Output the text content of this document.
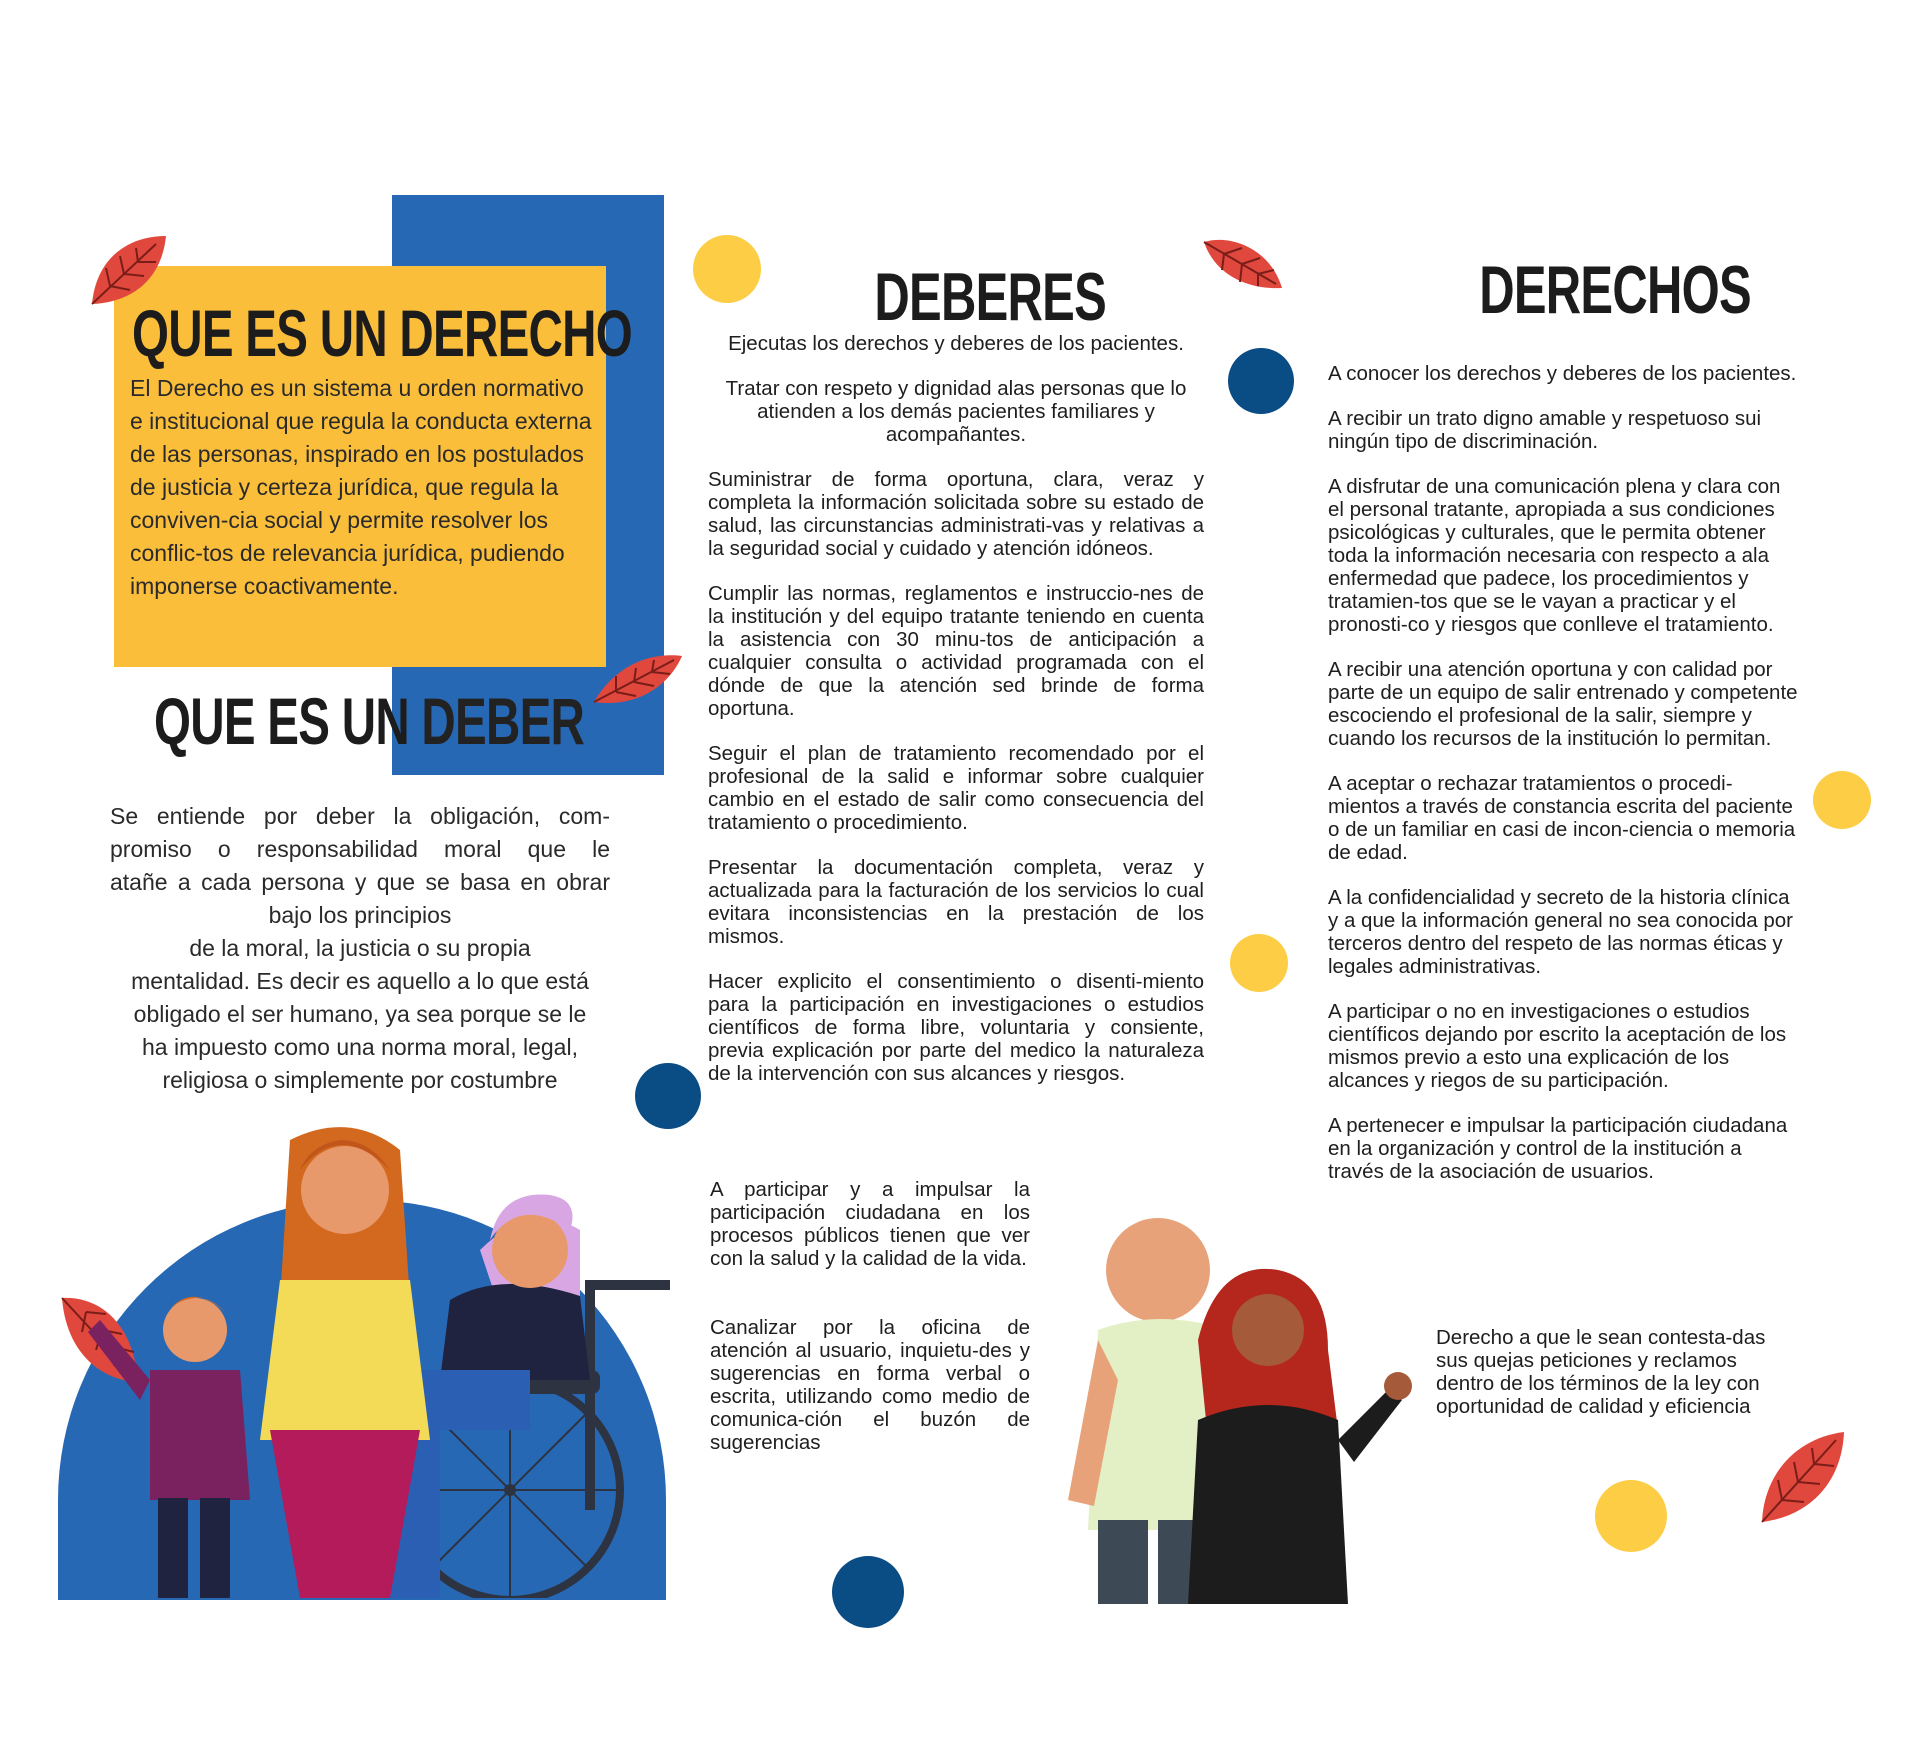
QUE ES UN DERECHO
El Derecho es un sistema u orden normativo e institucional que regula la conducta externa de las personas, inspirado en los postulados de justicia y certeza jurídica, que regula la conviven-cia social y permite resolver los conflic-tos de relevancia jurídica, pudiendo imponerse coactivamente.
QUE ES UN DEBER
Se entiende por deber la obligación, com-
promiso o responsabilidad moral que le
atañe a cada persona y que se basa en obrar
bajo los principios
de la moral, la justicia o su propia
mentalidad. Es decir es aquello a lo que está
obligado el ser humano, ya sea porque se le
ha impuesto como una norma moral, legal,
religiosa o simplemente por costumbre
DEBERES

Ejecutas los derechos y deberes de los pacientes.

Tratar con respeto y dignidad alas personas que lo atienden a los demás pacientes familiares y acompañantes.

Suministrar de forma oportuna, clara, veraz y completa la información solicitada sobre su estado de salud, las circunstancias administrati-vas y relativas a la seguridad social y cuidado y atención idóneos.

Cumplir las normas, reglamentos e instruccio-nes de la institución y del equipo tratante teniendo en cuenta la asistencia con 30 minu-tos de anticipación a cualquier consulta o actividad programada con el dónde de que la atención sed brinde de forma oportuna.

Seguir el plan de tratamiento recomendado por el profesional de la salid e informar sobre cualquier cambio en el estado de salir como consecuencia del tratamiento o procedimiento.

Presentar la documentación completa, veraz y actualizada para la facturación de los servicios lo cual evitara inconsistencias en la prestación de los mismos.

Hacer explicito el consentimiento o disenti-miento para la participación en investigaciones o estudios científicos de forma libre, voluntaria y consiente, previa explicación por parte del medico la naturaleza de la intervención con sus alcances y riesgos.

A participar y a impulsar la participación ciudadana en los procesos públicos tienen que ver con la salud y la calidad de la vida.
Canalizar por la oficina de atención al usuario, inquietu-des y sugerencias en forma verbal o escrita, utilizando como medio de comunica-ción el buzón de sugerencias
DERECHOS

A conocer los derechos y deberes de los pacientes.

A recibir un trato digno amable y respetuoso sui ningún tipo de discriminación.

A disfrutar de una comunicación plena y clara con el personal tratante, apropiada a sus condiciones psicológicas y culturales, que le permita obtener toda la información necesaria con respecto a ala enfermedad que padece, los procedimientos y tratamien-tos que se le vayan a practicar y el pronosti-co y riesgos que conlleve el tratamiento.

A recibir una atención oportuna y con calidad por parte de un equipo de salir entrenado y competente escociendo el profesional de la salir, siempre y cuando los recursos de la institución lo permitan.

A aceptar o rechazar tratamientos o procedi-mientos a través de constancia escrita del paciente o de un familiar en casi de incon-ciencia o memoria de edad.

A la confidencialidad y secreto de la historia clínica y a que la información general no sea conocida por terceros dentro del respeto de las normas éticas y legales administrativas.

A participar o no en investigaciones o estudios científicos dejando por escrito la aceptación de los mismos previo a esto una explicación de los alcances y riegos de su participación.

A pertenecer e impulsar la participación ciudadana en la organización y control de la institución a través de la asociación de usuarios.

Derecho a que le sean contesta-das sus quejas peticiones y reclamos dentro de los términos de la ley con oportunidad de calidad y eficiencia
